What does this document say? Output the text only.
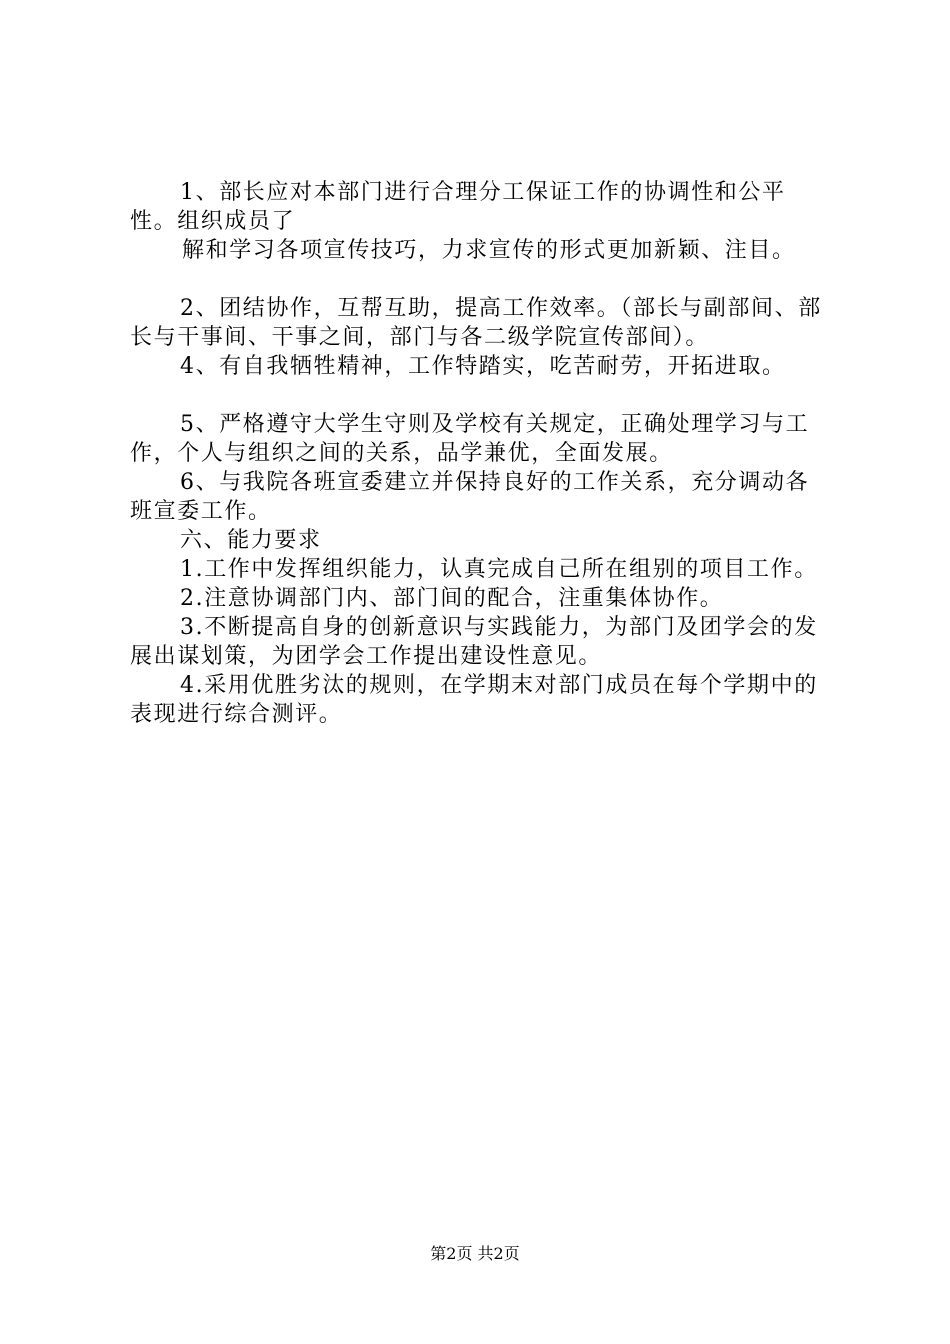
1、部长应对本部门进行合理分工保证工作的协调性和公平性。组织成员了

解和学习各项宣传技巧，力求宣传的形式更加新颖、注目。

2、团结协作，互帮互助，提高工作效率。（部长与副部间、部长与干事间、干事之间，部门与各二级学院宣传部间）。

4、有自我牺牲精神，工作特踏实，吃苦耐劳，开拓进取。

5、严格遵守大学生守则及学校有关规定，正确处理学习与工作，个人与组织之间的关系，品学兼优，全面发展。

6、与我院各班宣委建立并保持良好的工作关系，充分调动各班宣委工作。

六、能力要求

1.工作中发挥组织能力，认真完成自己所在组别的项目工作。

2.注意协调部门内、部门间的配合，注重集体协作。

3.不断提高自身的创新意识与实践能力，为部门及团学会的发展出谋划策，为团学会工作提出建设性意见。

4.采用优胜劣汰的规则，在学期末对部门成员在每个学期中的表现进行综合测评。

第2页 共2页
